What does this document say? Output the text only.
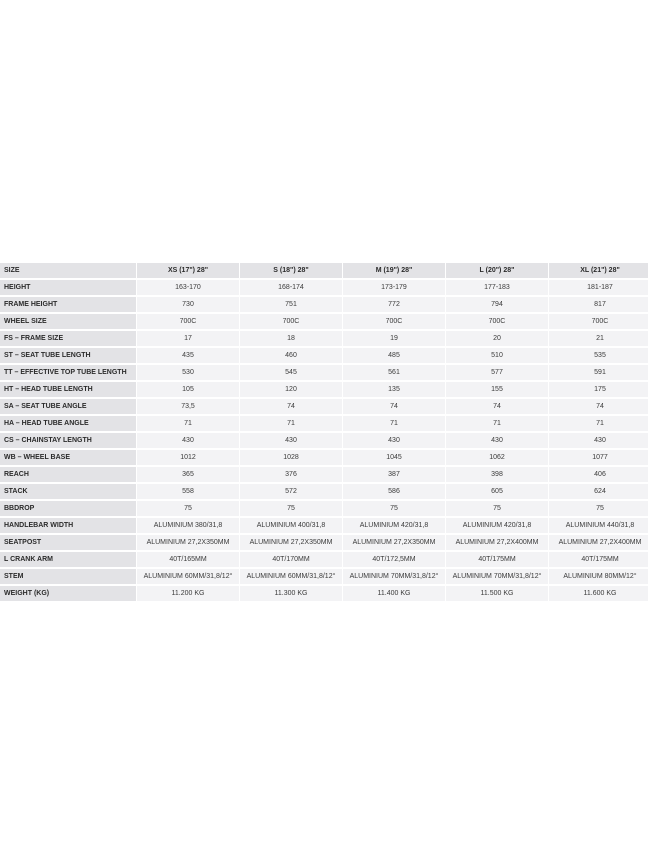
SIZE	XS (17") 28"	S (18") 28"	M (19") 28"	L (20") 28"	XL (21") 28"
HEIGHT	163-170	168-174	173-179	177-183	181-187
FRAME HEIGHT	730	751	772	794	817
WHEEL SIZE	700C	700C	700C	700C	700C
FS – FRAME SIZE	17	18	19	20	21
ST – SEAT TUBE LENGTH	435	460	485	510	535
TT – EFFECTIVE TOP TUBE LENGTH	530	545	561	577	591
HT – HEAD TUBE LENGTH	105	120	135	155	175
SA – SEAT TUBE ANGLE	73,5	74	74	74	74
HA – HEAD TUBE ANGLE	71	71	71	71	71
CS – CHAINSTAY LENGTH	430	430	430	430	430
WB – WHEEL BASE	1012	1028	1045	1062	1077
REACH	365	376	387	398	406
STACK	558	572	586	605	624
BBDROP	75	75	75	75	75
HANDLEBAR WIDTH	ALUMINIUM 380/31,8	ALUMINIUM 400/31,8	ALUMINIUM 420/31,8	ALUMINIUM 420/31,8	ALUMINIUM 440/31,8
SEATPOST	ALUMINIUM 27,2X350MM	ALUMINIUM 27,2X350MM	ALUMINIUM 27,2X350MM	ALUMINIUM 27,2X400MM	ALUMINIUM 27,2X400MM
L CRANK ARM	40T/165MM	40T/170MM	40T/172,5MM	40T/175MM	40T/175MM
STEM	ALUMINIUM 60MM/31,8/12°	ALUMINIUM 60MM/31,8/12°	ALUMINIUM 70MM/31,8/12°	ALUMINIUM 70MM/31,8/12°	ALUMINIUM 80MM/12°
WEIGHT (KG)	11.200 KG	11.300 KG	11.400 KG	11.500 KG	11.600 KG
